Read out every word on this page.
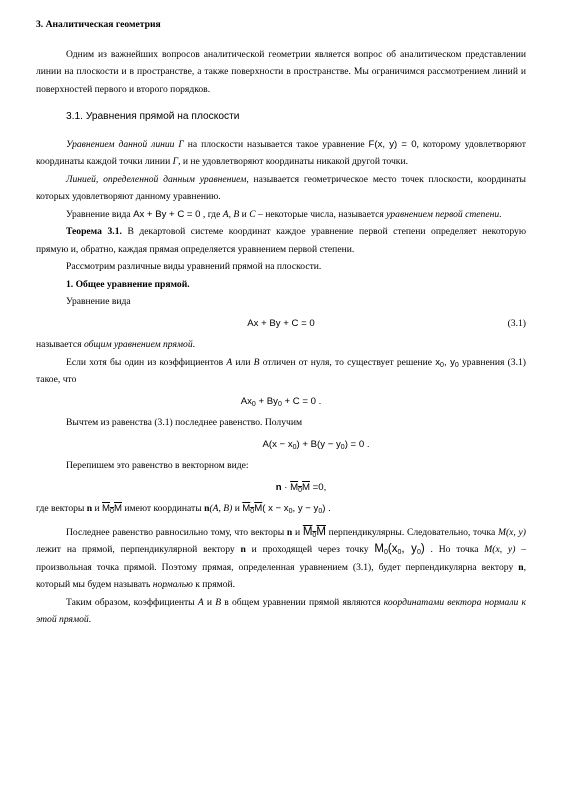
3. Аналитическая геометрия

Одним из важнейших вопросов аналитической геометрии является вопрос об аналитическом представлении линии на плоскости и в пространстве, а также поверхности в пространстве. Мы ограничимся рассмотрением линий и поверхностей первого и второго порядков.

3.1. Уравнения прямой на плоскости

Уравнением данной линии Г на плоскости называется такое уравнение F(x, y) = 0, которому удовлетворяют координаты каждой точки линии Г, и не удовлетворяют координаты никакой другой точки.

Линией, определенной данным уравнением, называется геометрическое место точек плоскости, координаты которых удовлетворяют данному уравнению.

Уравнение вида Ax + By + C = 0 , где A, B и C – некоторые числа, называется уравнением первой степени.

Теорема 3.1. В декартовой системе координат каждое уравнение первой степени определяет некоторую прямую и, обратно, каждая прямая определяется уравнением первой степени.

Рассмотрим различные виды уравнений прямой на плоскости.

1. Общее уравнение прямой.

Уравнение вида

Ax + By + C = 0	(3.1)

называется общим уравнением прямой.

Если хотя бы один из коэффициентов A или B отличен от нуля, то существует решение $x_0$, $y_0$ уравнения (3.1) такое, что

$Ax_0 + By_0 + C = 0$ .

Вычтем из равенства (3.1) последнее равенство. Получим

$A(x - x_0) + B(y - y_0) = 0$ .

Перепишем это равенство в векторном виде:

$n \cdot M_0M =0$,

где векторы n и $M_0M$ имеют координаты n(A, B) и $M_0M$( $x - x_0$, $y - y_0$) .

Последнее равенство равносильно тому, что векторы n и $M_0M$ перпендикулярны. Следовательно, точка M(x, y) лежит на прямой, перпендикулярной вектору n и проходящей через точку $M_0(x_0$, $y_0$) . Но точка M(x, y) – произвольная точка прямой. Поэтому прямая, определенная уравнением (3.1), будет перпендикулярна вектору n, который мы будем называть нормалью к прямой.

Таким образом, коэффициенты A и B в общем уравнении прямой являются координатами вектора нормали к этой прямой.
